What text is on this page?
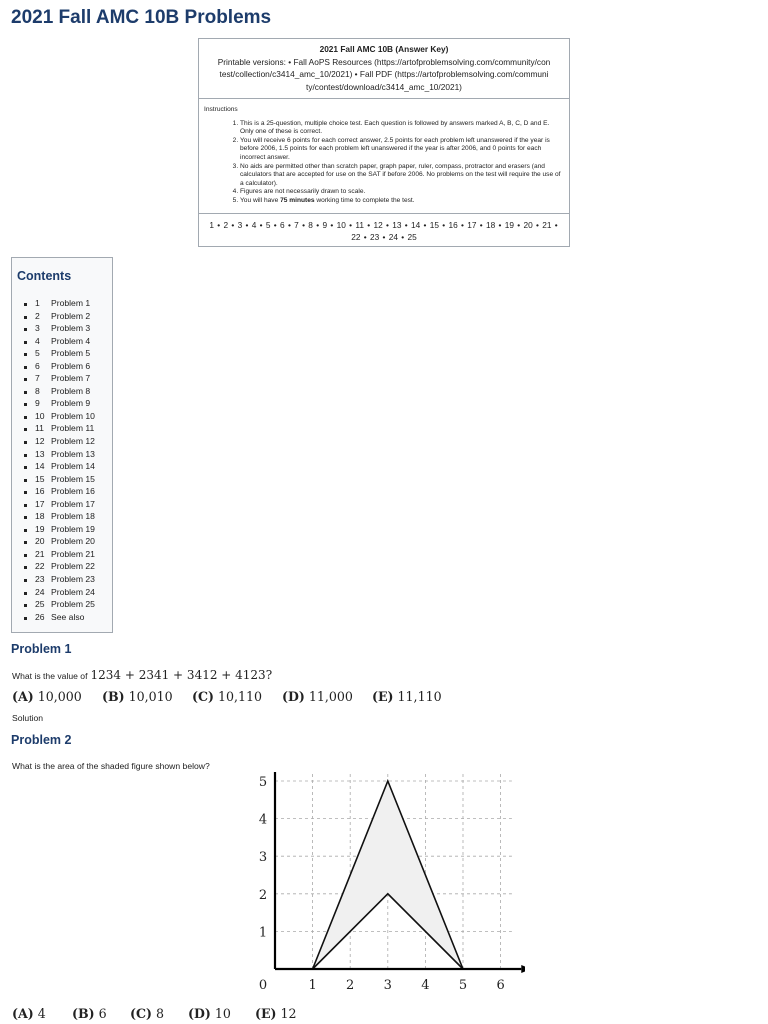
2021 Fall AMC 10B Problems
2021 Fall AMC 10B (Answer Key)
Printable versions: • Fall AoPS Resources (https://artofproblemsolving.com/community/con
test/collection/c3414_amc_10/2021) • Fall PDF (https://artofproblemsolving.com/communi
ty/contest/download/c3414_amc_10/2021)
Instructions
1. This is a 25-question, multiple choice test. Each question is followed by answers marked A, B, C, D and E. Only one of these is correct.
2. You will receive 6 points for each correct answer, 2.5 points for each problem left unanswered if the year is before 2006, 1.5 points for each problem left unanswered if the year is after 2006, and 0 points for each incorrect answer.
3. No aids are permitted other than scratch paper, graph paper, ruler, compass, protractor and erasers (and calculators that are accepted for use on the SAT if before 2006. No problems on the test will require the use of a calculator).
4. Figures are not necessarily drawn to scale.
5. You will have 75 minutes working time to complete the test.
1 • 2 • 3 • 4 • 5 • 6 • 7 • 8 • 9 • 10 • 11 • 12 • 13 • 14 • 15 • 16 • 17 • 18 • 19 • 20 • 21 • 22 • 23 • 24 • 25
Contents
1 Problem 1
2 Problem 2
3 Problem 3
4 Problem 4
5 Problem 5
6 Problem 6
7 Problem 7
8 Problem 8
9 Problem 9
10 Problem 10
11 Problem 11
12 Problem 12
13 Problem 13
14 Problem 14
15 Problem 15
16 Problem 16
17 Problem 17
18 Problem 18
19 Problem 19
20 Problem 20
21 Problem 21
22 Problem 22
23 Problem 23
24 Problem 24
25 Problem 25
26 See also
Problem 1
What is the value of 1234 + 2341 + 3412 + 4123?
(A) 10,000 (B) 10,010 (C) 10,110 (D) 11,000 (E) 11,110
Solution
Problem 2
What is the area of the shaded figure shown below?
1 2 3 4 5 6
1
2
3
4
5
0
(A) 4 (B) 6 (C) 8 (D) 10 (E) 12
